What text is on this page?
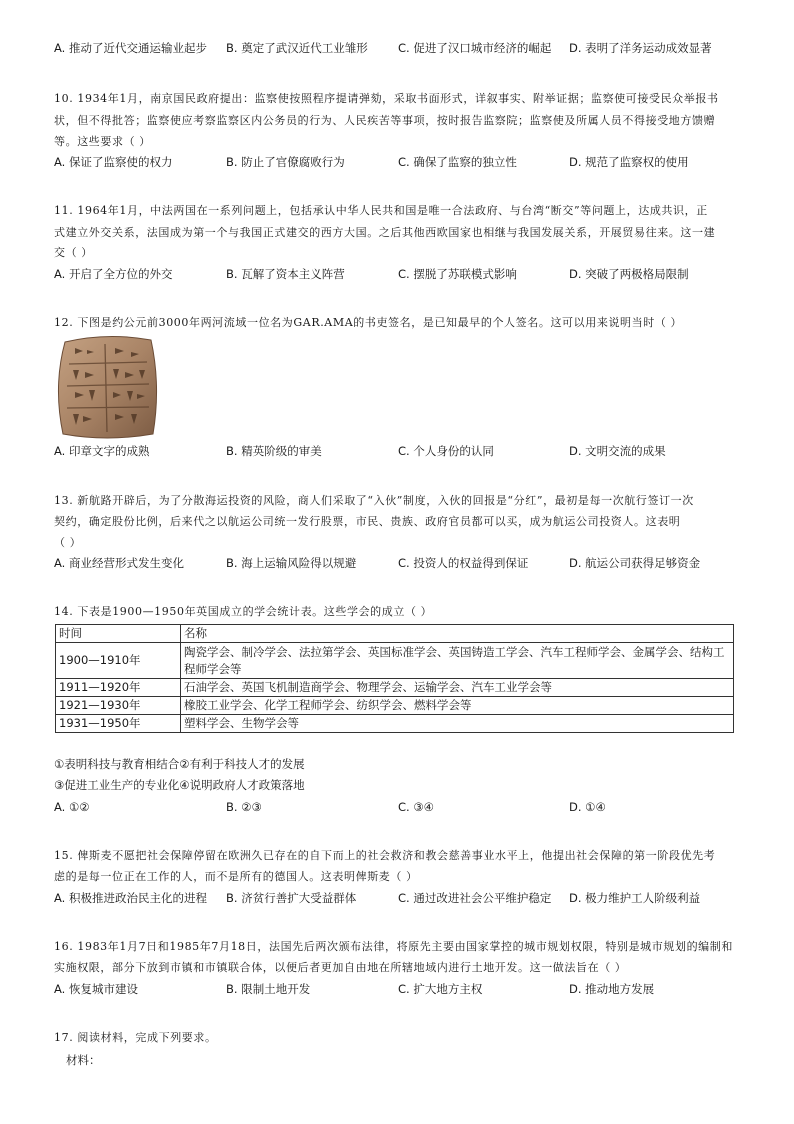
A. 推动了近代交通运输业起步 B. 奠定了武汉近代工业雏形	C. 促进了汉口城市经济的崛起 D. 表明了洋务运动成效显著
10. 1934年1月，南京国民政府提出：监察使按照程序提请弹劾，采取书面形式，详叙事实、附举证据；监察使可接受民众举报书
状，但不得批答；监察使应考察监察区内公务员的行为、人民疾苦等事项，按时报告监察院；监察使及所属人员不得接受地方馈赠
等。这些要求（ ）
A. 保证了监察使的权力	B. 防止了官僚腐败行为	C. 确保了监察的独立性	D. 规范了监察权的使用
11. 1964年1月，中法两国在一系列问题上，包括承认中华人民共和国是唯一合法政府、与台湾“断交”等问题上，达成共识，正
式建立外交关系，法国成为第一个与我国正式建交的西方大国。之后其他西欧国家也相继与我国发展关系，开展贸易往来。这一建
交（ ）
A. 开启了全方位的外交	B. 瓦解了资本主义阵营	C. 摆脱了苏联模式影响	D. 突破了两极格局限制
12. 下图是约公元前3000年两河流域一位名为GAR.AMA的书吏签名，是已知最早的个人签名。这可以用来说明当时（ ）
A. 印章文字的成熟	B. 精英阶级的审美	C. 个人身份的认同	D. 文明交流的成果
13. 新航路开辟后，为了分散海运投资的风险，商人们采取了“入伙”制度，入伙的回报是“分红”，最初是每一次航行签订一次
契约，确定股份比例，后来代之以航运公司统一发行股票，市民、贵族、政府官员都可以买，成为航运公司投资人。这表明
（ ）
A. 商业经营形式发生变化	B. 海上运输风险得以规避	C. 投资人的权益得到保证	D. 航运公司获得足够资金
14. 下表是1900—1950年英国成立的学会统计表。这些学会的成立（ ）
时间	名称
1900—1910年	陶瓷学会、制冷学会、法拉第学会、英国标准学会、英国铸造工学会、汽车工程师学会、金属学会、结构工程师学会等
1911—1920年	石油学会、英国飞机制造商学会、物理学会、运输学会、汽车工业学会等
1921—1930年	橡胶工业学会、化学工程师学会、纺织学会、燃料学会等
1931—1950年	塑料学会、生物学会等
①表明科技与教育相结合②有利于科技人才的发展
③促进工业生产的专业化④说明政府人才政策落地
A. ①②	B. ②③	C. ③④	D. ①④
15. 俾斯麦不愿把社会保障停留在欧洲久已存在的自下而上的社会救济和教会慈善事业水平上，他提出社会保障的第一阶段优先考
虑的是每一位正在工作的人，而不是所有的德国人。这表明俾斯麦（ ）
A. 积极推进政治民主化的进程 B. 济贫行善扩大受益群体	C. 通过改进社会公平维护稳定 D. 极力维护工人阶级利益
16. 1983年1月7日和1985年7月18日，法国先后两次颁布法律，将原先主要由国家掌控的城市规划权限，特别是城市规划的编制和
实施权限，部分下放到市镇和市镇联合体，以便后者更加自由地在所辖地域内进行土地开发。这一做法旨在（ ）
A. 恢复城市建设	B. 限制土地开发	C. 扩大地方主权	D. 推动地方发展
17. 阅读材料，完成下列要求。
材料：
